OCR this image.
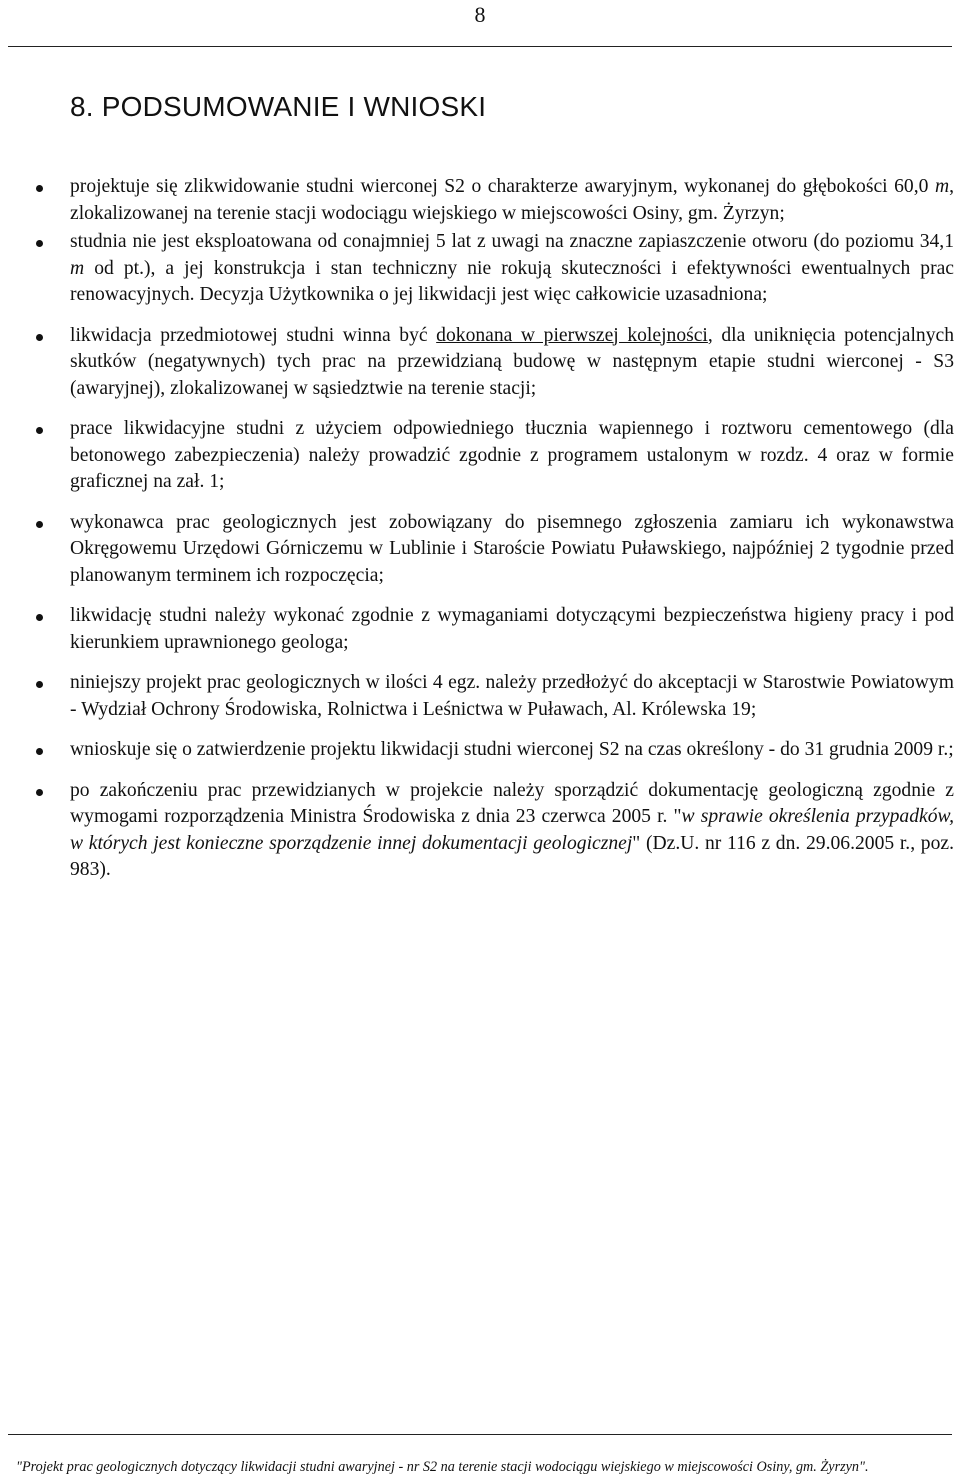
8
8. PODSUMOWANIE I WNIOSKI
projektuje się zlikwidowanie studni wierconej S2 o charakterze awaryjnym, wykonanej do głębokości 60,0 m, zlokalizowanej na terenie stacji wodociągu wiejskiego w miejscowości Osiny, gm. Żyrzyn;
studnia nie jest eksploatowana od conajmniej 5 lat z uwagi na znaczne zapiaszczenie otworu (do poziomu 34,1 m od pt.), a jej konstrukcja i stan techniczny nie rokują skuteczności i efektywności ewentualnych prac renowacyjnych. Decyzja Użytkownika o jej likwidacji jest więc całkowicie uzasadniona;
likwidacja przedmiotowej studni winna być dokonana w pierwszej kolejności, dla uniknięcia potencjalnych skutków (negatywnych) tych prac na przewidzianą budowę w następnym etapie studni wierconej - S3 (awaryjnej), zlokalizowanej w sąsiedztwie na terenie stacji;
prace likwidacyjne studni z użyciem odpowiedniego tłucznia wapiennego i roztworu cementowego (dla betonowego zabezpieczenia) należy prowadzić zgodnie z programem ustalonym w rozdz. 4 oraz w formie graficznej na zał. 1;
wykonawca prac geologicznych jest zobowiązany do pisemnego zgłoszenia zamiaru ich wykonawstwa Okręgowemu Urzędowi Górniczemu w Lublinie i Staroście Powiatu Puławskiego, najpóźniej 2 tygodnie przed planowanym terminem ich rozpoczęcia;
likwidację studni należy wykonać zgodnie z wymaganiami dotyczącymi bezpieczeństwa higieny pracy i pod kierunkiem uprawnionego geologa;
niniejszy projekt prac geologicznych w ilości 4 egz. należy przedłożyć do akceptacji w Starostwie Powiatowym - Wydział Ochrony Środowiska, Rolnictwa i Leśnictwa w Puławach, Al. Królewska 19;
wnioskuje się o zatwierdzenie projektu likwidacji studni wierconej S2 na czas określony - do 31 grudnia 2009 r.;
po zakończeniu prac przewidzianych w projekcie należy sporządzić dokumentację geologiczną zgodnie z wymogami rozporządzenia Ministra Środowiska z dnia 23 czerwca 2005 r. "w sprawie określenia przypadków, w których jest konieczne sporządzenie innej dokumentacji geologicznej" (Dz.U. nr 116 z dn. 29.06.2005 r., poz. 983).
"Projekt prac geologicznych dotyczący likwidacji studni awaryjnej - nr S2 na terenie stacji wodociągu wiejskiego w miejscowości Osiny, gm. Żyrzyn".
